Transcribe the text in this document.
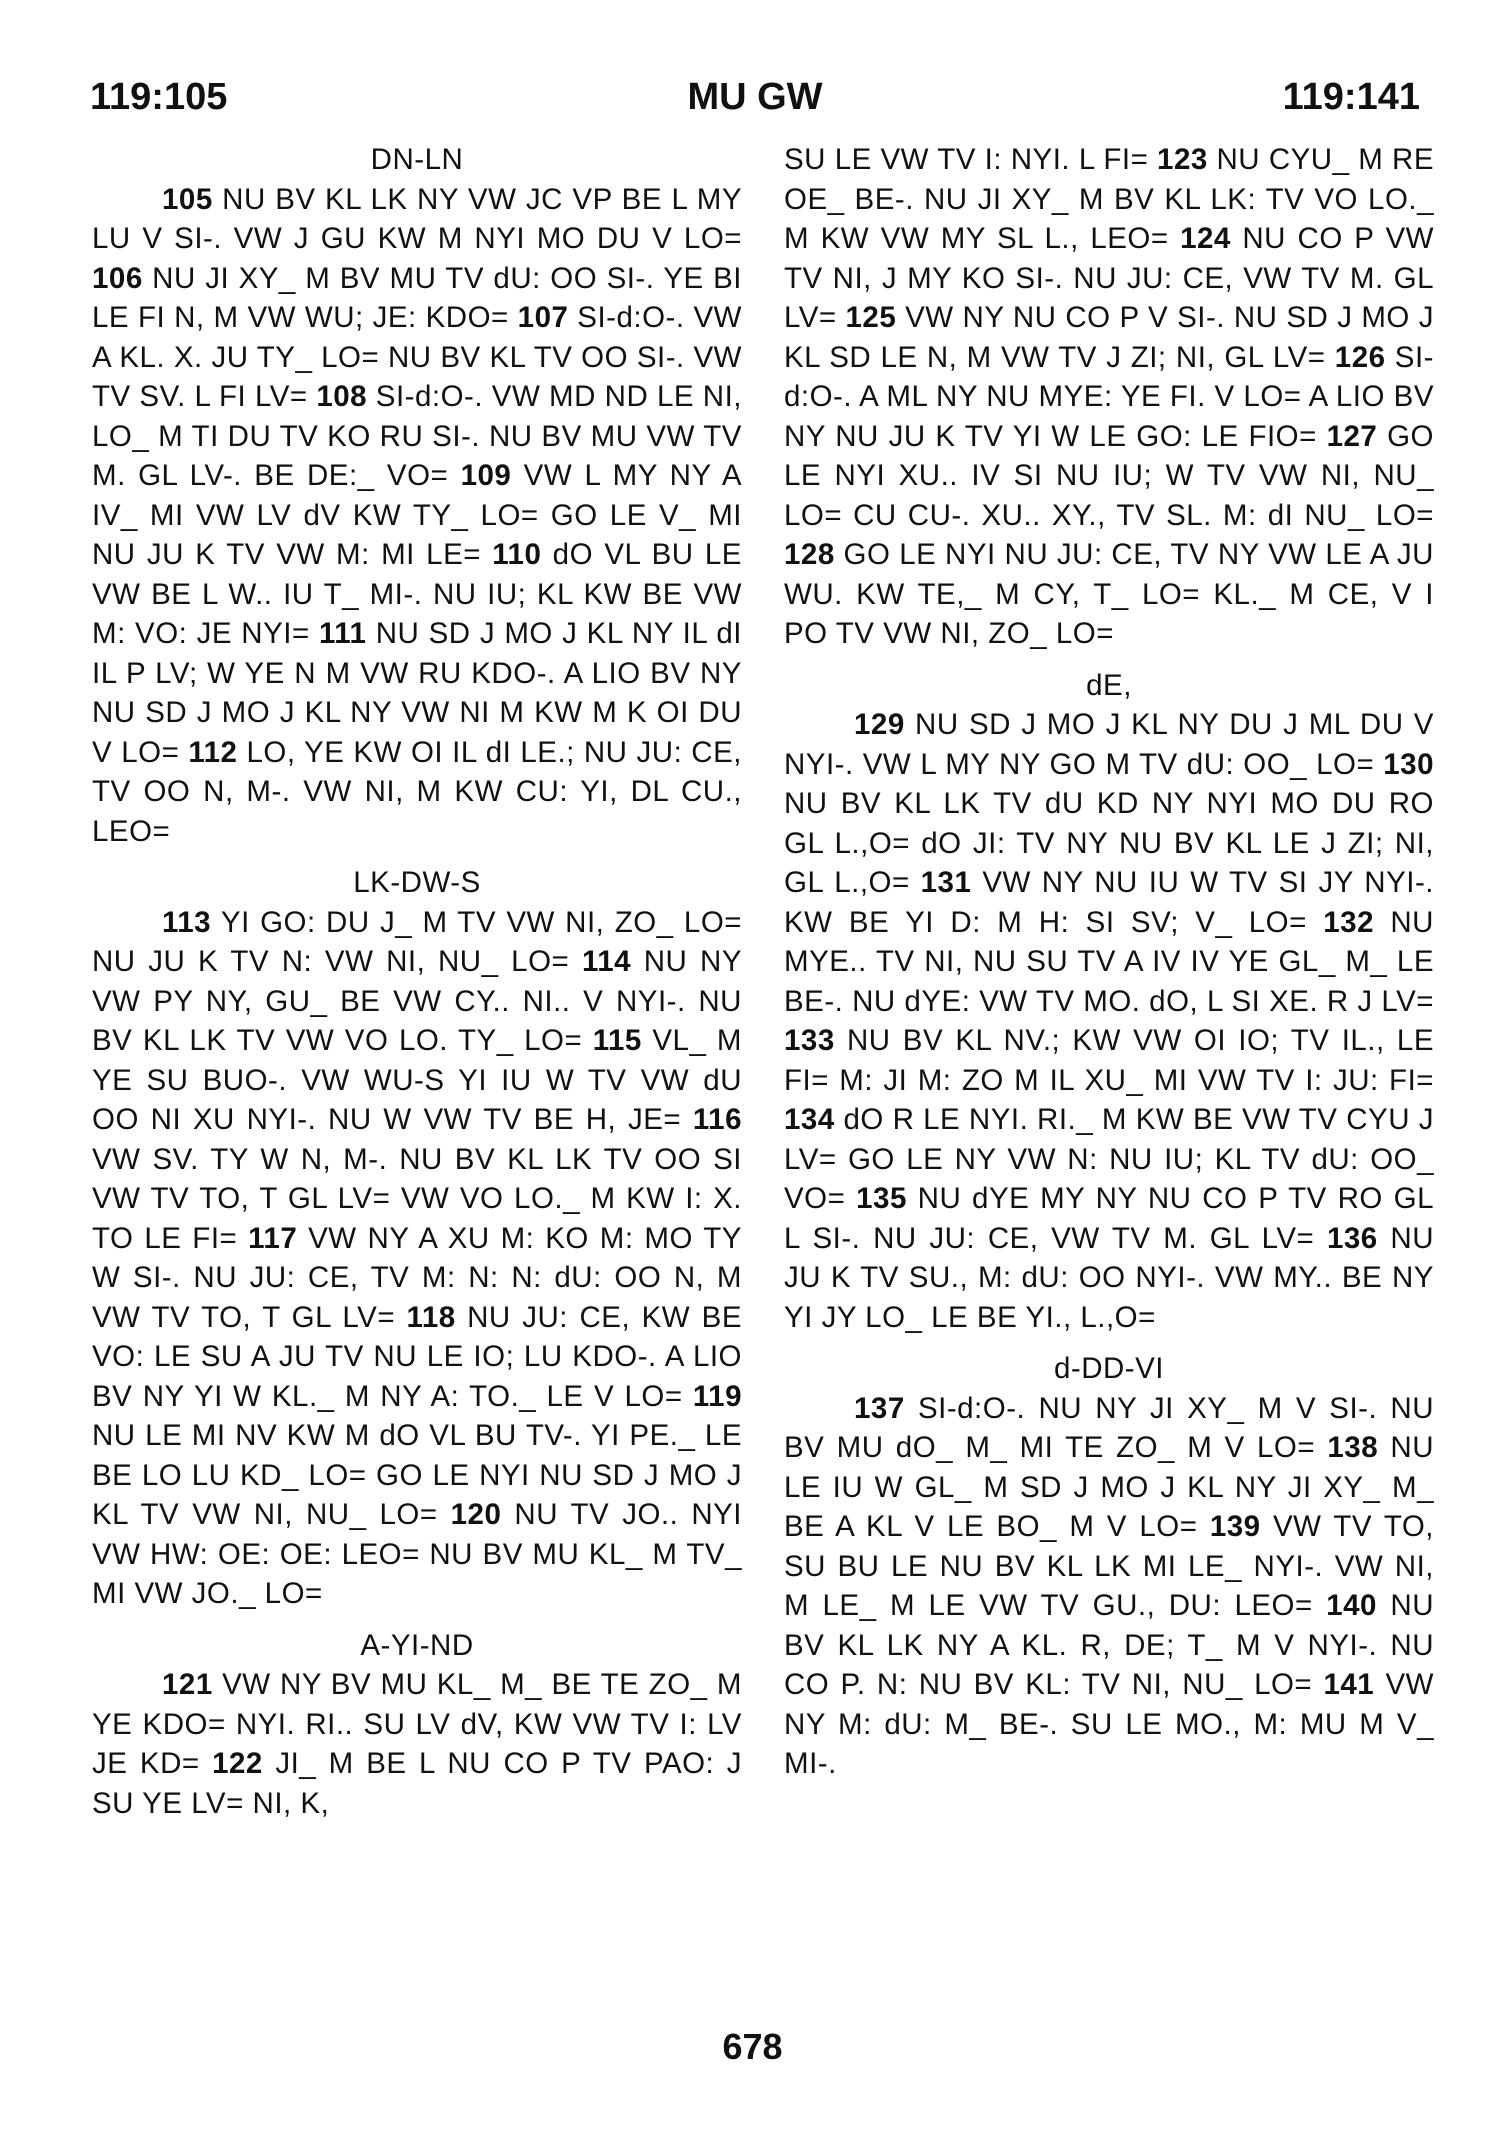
119:105	MU GW	119:141
DN-LN

105 NU BV KL LK NY VW JC VP BE L MY LU V SI-. VW J GU KW M NYI MO DU V LO= 106 NU JI XY_ M BV MU TV dU: OO SI-. YE BI LE FI N, M VW WU; JE: KDO= 107 SI-d:O-. VW A KL. X. JU TY_ LO= NU BV KL TV OO SI-. VW TV SV. L FI LV= 108 SI-d:O-. VW MD ND LE NI, LO_ M TI DU TV KO RU SI-. NU BV MU VW TV M. GL LV-. BE DE:_ VO= 109 VW L MY NY A IV_ MI VW LV dV KW TY_ LO= GO LE V_ MI NU JU K TV VW M: MI LE= 110 dO VL BU LE VW BE L W.. IU T_ MI-. NU IU; KL KW BE VW M: VO: JE NYI= 111 NU SD J MO J KL NY IL dI IL P LV; W YE N M VW RU KDO-. A LIO BV NY NU SD J MO J KL NY VW NI M KW M K OI DU V LO= 112 LO, YE KW OI IL dI LE.; NU JU: CE, TV OO N, M-. VW NI, M KW CU: YI, DL CU., LEO=

LK-DW-S

113 YI GO: DU J_ M TV VW NI, ZO_ LO= NU JU K TV N: VW NI, NU_ LO= 114 NU NY VW PY NY, GU_ BE VW CY.. NI.. V NYI-. NU BV KL LK TV VW VO LO. TY_ LO= 115 VL_ M YE SU BUO-. VW WU-S YI IU W TV VW dU OO NI XU NYI-. NU W VW TV BE H, JE= 116 VW SV. TY W N, M-. NU BV KL LK TV OO SI VW TV TO, T GL LV= VW VO LO._ M KW I: X. TO LE FI= 117 VW NY A XU M: KO M: MO TY W SI-. NU JU: CE, TV M: N: N: dU: OO N, M VW TV TO, T GL LV= 118 NU JU: CE, KW BE VO: LE SU A JU TV NU LE IO; LU KDO-. A LIO BV NY YI W KL._ M NY A: TO._ LE V LO= 119 NU LE MI NV KW M dO VL BU TV-. YI PE._ LE BE LO LU KD_ LO= GO LE NYI NU SD J MO J KL TV VW NI, NU_ LO= 120 NU TV JO.. NYI VW HW: OE: OE: LEO= NU BV MU KL_ M TV_ MI VW JO._ LO=

A-YI-ND

121 VW NY BV MU KL_ M_ BE TE ZO_ M YE KDO= NYI. RI.. SU LV dV, KW VW TV I: LV JE KD= 122 JI_ M BE L NU CO P TV PAO: J SU YE LV= NI, K,

SU LE VW TV I: NYI. L FI= 123 NU CYU_ M RE OE_ BE-. NU JI XY_ M BV KL LK: TV VO LO._ M KW VW MY SL L., LEO= 124 NU CO P VW TV NI, J MY KO SI-. NU JU: CE, VW TV M. GL LV= 125 VW NY NU CO P V SI-. NU SD J MO J KL SD LE N, M VW TV J ZI; NI, GL LV= 126 SI-d:O-. A ML NY NU MYE: YE FI. V LO= A LIO BV NY NU JU K TV YI W LE GO: LE FIO= 127 GO LE NYI XU.. IV SI NU IU; W TV VW NI, NU_ LO= CU CU-. XU.. XY., TV SL. M: dI NU_ LO= 128 GO LE NYI NU JU: CE, TV NY VW LE A JU WU. KW TE,_ M CY, T_ LO= KL._ M CE, V I PO TV VW NI, ZO_ LO=

dE,

129 NU SD J MO J KL NY DU J ML DU V NYI-. VW L MY NY GO M TV dU: OO_ LO= 130 NU BV KL LK TV dU KD NY NYI MO DU RO GL L.,O= dO JI: TV NY NU BV KL LE J ZI; NI, GL L.,O= 131 VW NY NU IU W TV SI JY NYI-. KW BE YI D: M H: SI SV; V_ LO= 132 NU MYE.. TV NI, NU SU TV A IV IV YE GL_ M_ LE BE-. NU dYE: VW TV MO. dO, L SI XE. R J LV= 133 NU BV KL NV.; KW VW OI IO; TV IL., LE FI= M: JI M: ZO M IL XU_ MI VW TV I: JU: FI= 134 dO R LE NYI. RI._ M KW BE VW TV CYU J LV= GO LE NY VW N: NU IU; KL TV dU: OO_ VO= 135 NU dYE MY NY NU CO P TV RO GL L SI-. NU JU: CE, VW TV M. GL LV= 136 NU JU K TV SU., M: dU: OO NYI-. VW MY.. BE NY YI JY LO_ LE BE YI., L.,O=

d-DD-VI

137 SI-d:O-. NU NY JI XY_ M V SI-. NU BV MU dO_ M_ MI TE ZO_ M V LO= 138 NU LE IU W GL_ M SD J MO J KL NY JI XY_ M_ BE A KL V LE BO_ M V LO= 139 VW TV TO, SU BU LE NU BV KL LK MI LE_ NYI-. VW NI, M LE_ M LE VW TV GU., DU: LEO= 140 NU BV KL LK NY A KL. R, DE; T_ M V NYI-. NU CO P. N: NU BV KL: TV NI, NU_ LO= 141 VW NY M: dU: M_ BE-. SU LE MO., M: MU M V_ MI-.

678
